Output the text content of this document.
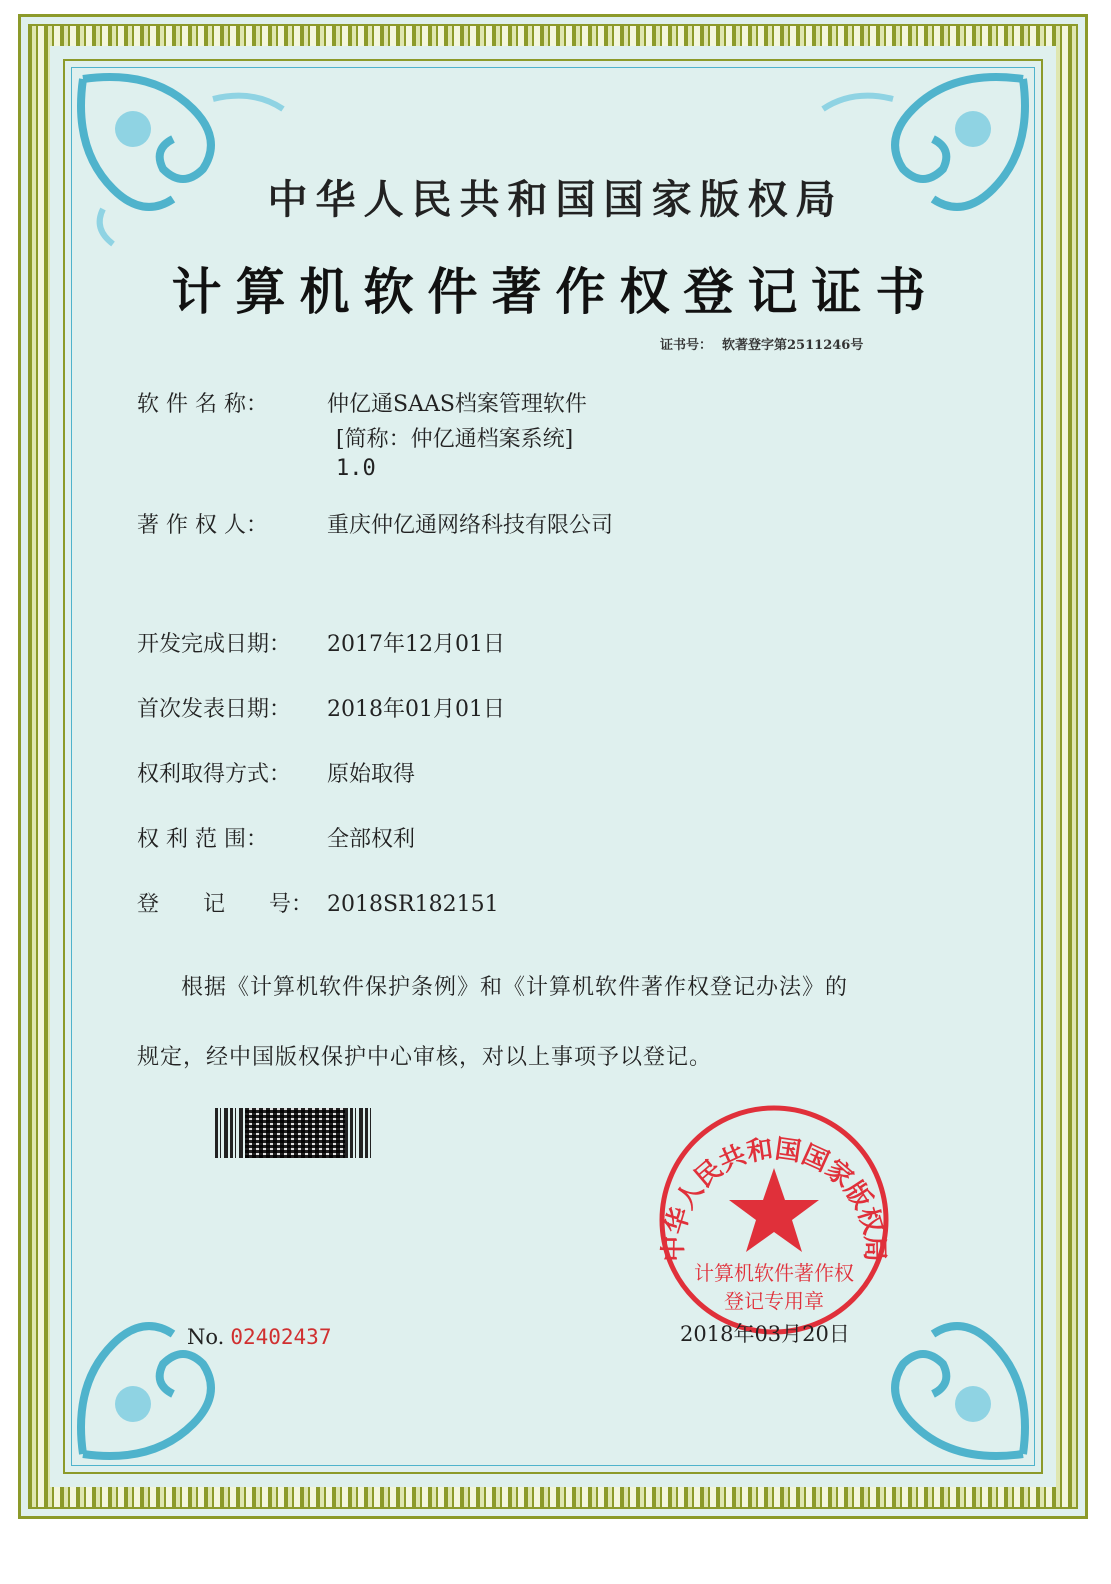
中华人民共和国国家版权局
计算机软件著作权登记证书
证书号： 软著登字第2511246号
软 件 名 称：	仲亿通SAAS档案管理软件
[简称：仲亿通档案系统]
1.0
著 作 权 人：	重庆仲亿通网络科技有限公司
开发完成日期： 2017年12月01日
首次发表日期： 2018年01月01日
权利取得方式： 原始取得
权 利 范 围：	全部权利
登　　记　　号： 2018SR182151
根据《计算机软件保护条例》和《计算机软件著作权登记办法》的
规定，经中国版权保护中心审核，对以上事项予以登记。
No. 02402437
中华人民共和国国家版权局
计算机软件著作权
登记专用章
2018年03月20日
